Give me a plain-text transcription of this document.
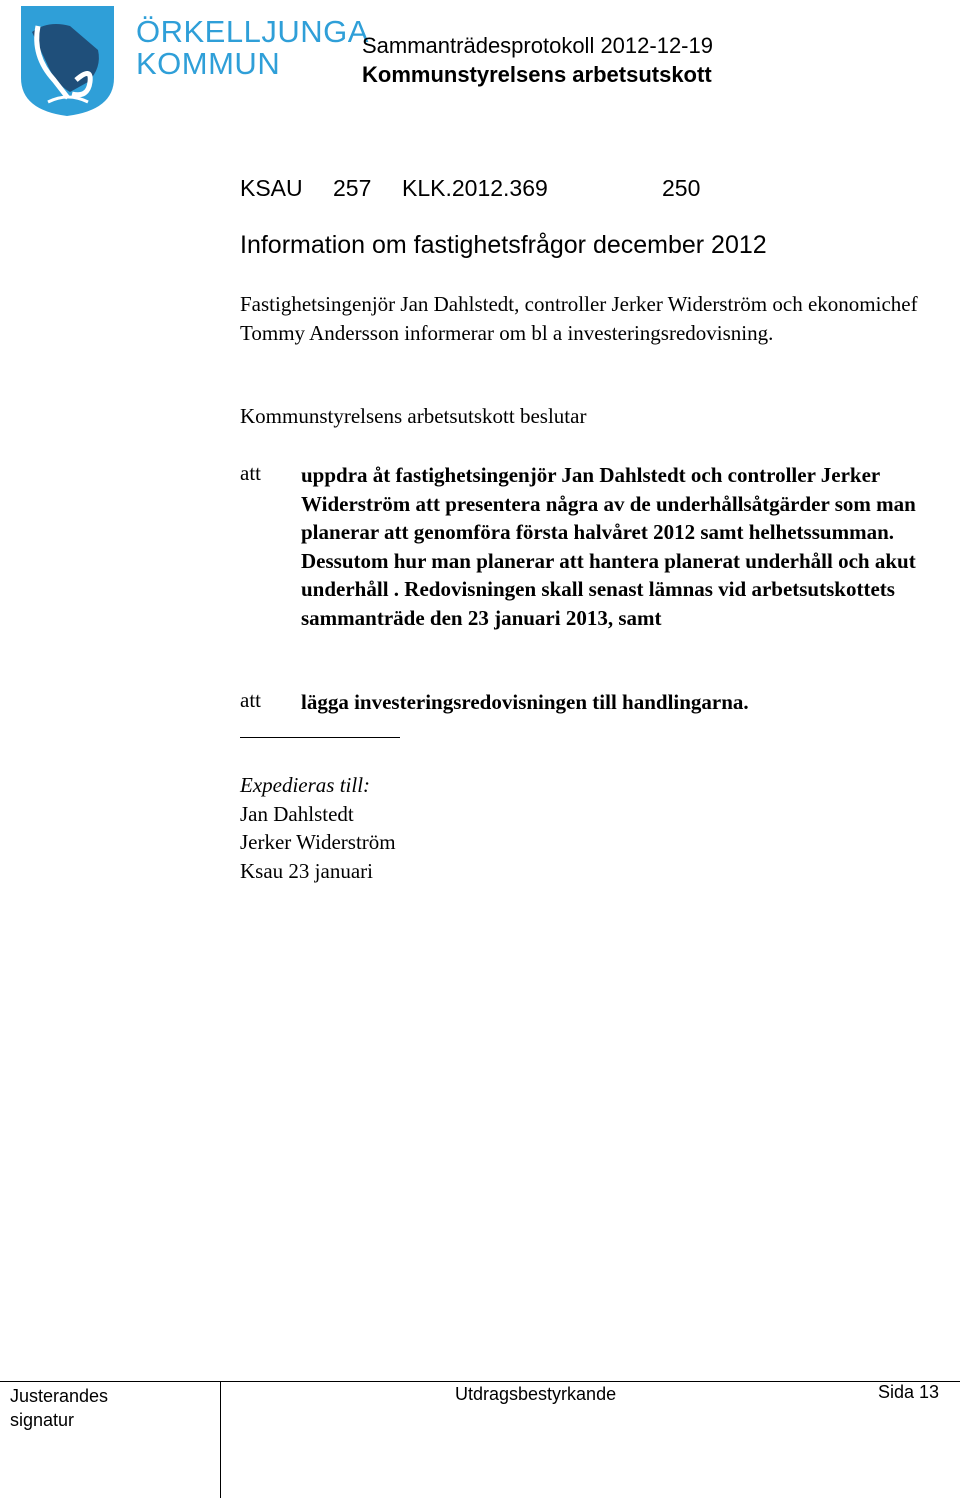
ÖRKELLJUNGA
KOMMUN
Sammanträdesprotokoll 2012-12-19
Kommunstyrelsens arbetsutskott
KSAU 257 KLK.2012.369	250
Information om fastighetsfrågor december 2012
Fastighetsingenjör Jan Dahlstedt, controller Jerker Widerström och ekonomichef Tommy Andersson informerar om bl a investeringsredovisning.
Kommunstyrelsens arbetsutskott beslutar
att uppdra åt fastighetsingenjör Jan Dahlstedt och controller Jerker Widerström att presentera några av de underhållsåtgärder som man planerar att genomföra första halvåret 2012 samt helhetssumman. Dessutom hur man planerar att hantera planerat underhåll och akut underhåll . Redovisningen skall senast lämnas vid arbetsutskottets sammanträde den 23 januari 2013, samt
att lägga investeringsredovisningen till handlingarna.
Expedieras till:
Jan Dahlstedt
Jerker Widerström
Ksau 23 januari
Justerandes
signatur
Utdragsbestyrkande	Sida 13
